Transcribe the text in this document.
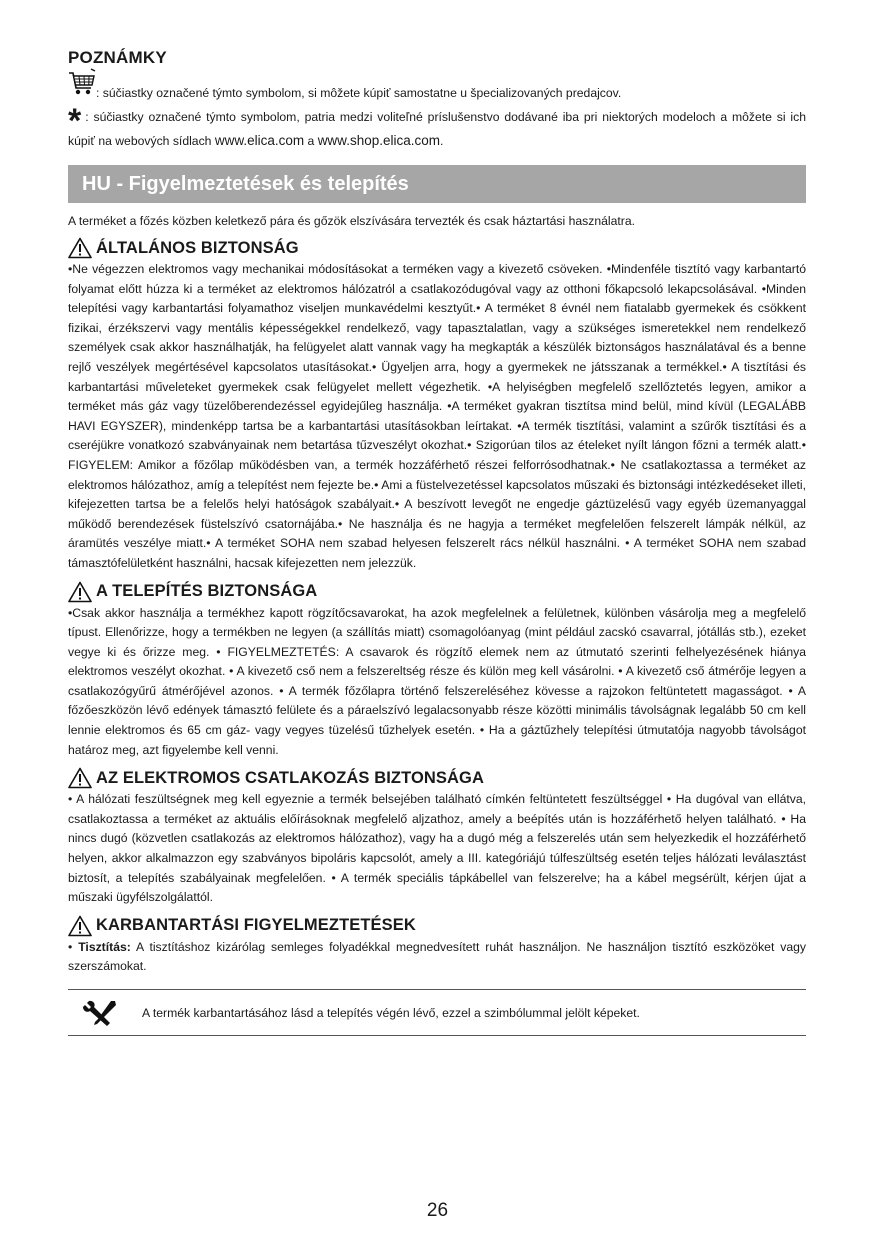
POZNÁMKY
: súčiastky označené týmto symbolom, si môžete kúpiť samostatne u špecializovaných predajcov.
* : súčiastky označené týmto symbolom, patria medzi voliteľné príslušenstvo dodávané iba pri niektorých modeloch a môžete si ich kúpiť na webových sídlach www.elica.com a www.shop.elica.com.
HU - Figyelmeztetések és telepítés
A terméket a főzés közben keletkező pára és gőzök elszívására tervezték és csak háztartási használatra.
ÁLTALÁNOS BIZTONSÁG
•Ne végezzen elektromos vagy mechanikai módosításokat a terméken vagy a kivezető csöveken. •Mindenféle tisztító vagy karbantartó folyamat előtt húzza ki a terméket az elektromos hálózatról a csatlakozódugóval vagy az otthoni főkapcsoló lekapcsolásával. •Minden telepítési vagy karbantartási folyamathoz viseljen munkavédelmi kesztyűt.• A terméket 8 évnél nem fiatalabb gyermekek és csökkent fizikai, érzékszervi vagy mentális képességekkel rendelkező, vagy tapasztalatlan, vagy a szükséges ismeretekkel nem rendelkező személyek csak akkor használhatják, ha felügyelet alatt vannak vagy ha megkapták a készülék biztonságos használatával és a benne rejlő veszélyek megértésével kapcsolatos utasításokat.• Ügyeljen arra, hogy a gyermekek ne játsszanak a termékkel.• A tisztítási és karbantartási műveleteket gyermekek csak felügyelet mellett végezhetik. •A helyiségben megfelelő szellőztetés legyen, amikor a terméket más gáz vagy tüzelőberendezéssel egyidejűleg használja. •A terméket gyakran tisztítsa mind belül, mind kívül (LEGALÁBB HAVI EGYSZER), mindenképp tartsa be a karbantartási utasításokban leírtakat. •A termék tisztítási, valamint a szűrők tisztítási és a cseréjükre vonatkozó szabványainak nem betartása tűzveszélyt okozhat.• Szigorúan tilos az ételeket nyílt lángon főzni a termék alatt.• FIGYELEM: Amikor a főzőlap működésben van, a termék hozzáférhető részei felforrósodhatnak.• Ne csatlakoztassa a terméket az elektromos hálózathoz, amíg a telepítést nem fejezte be.• Ami a füstelvezetéssel kapcsolatos műszaki és biztonsági intézkedéseket illeti, kifejezetten tartsa be a felelős helyi hatóságok szabályait.• A beszívott levegőt ne engedje gáztüzelésű vagy egyéb üzemanyaggal működő berendezések füstelszívó csatornájába.• Ne használja és ne hagyja a terméket megfelelően felszerelt lámpák nélkül, az áramütés veszélye miatt.• A terméket SOHA nem szabad helyesen felszerelt rács nélkül használni. • A terméket SOHA nem szabad támasztófelületként használni, hacsak kifejezetten nem jelezzük.
A TELEPÍTÉS BIZTONSÁGA
•Csak akkor használja a termékhez kapott rögzítőcsavarokat, ha azok megfelelnek a felületnek, különben vásárolja meg a megfelelő típust. Ellenőrizze, hogy a termékben ne legyen (a szállítás miatt) csomagolóanyag (mint például zacskó csavarral, jótállás stb.), ezeket vegye ki és őrizze meg. • FIGYELMEZTETÉS: A csavarok és rögzítő elemek nem az útmutató szerinti felhelyezésének hiánya elektromos veszélyt okozhat. • A kivezető cső nem a felszereltség része és külön meg kell vásárolni. • A kivezető cső átmérője legyen a csatlakozógyűrű átmérőjével azonos. • A termék főzőlapra történő felszereléséhez kövesse a rajzokon feltüntetett magasságot. • A főzőeszközön lévő edények támasztó felülete és a páraelszívó legalacsonyabb része közötti minimális távolságnak legalább 50 cm kell lennie elektromos és 65 cm gáz- vagy vegyes tüzelésű tűzhelyek esetén. • Ha a gáztűzhely telepítési útmutatója nagyobb távolságot határoz meg, azt figyelembe kell venni.
AZ ELEKTROMOS CSATLAKOZÁS BIZTONSÁGA
• A hálózati feszültségnek meg kell egyeznie a termék belsejében található címkén feltüntetett feszültséggel • Ha dugóval van ellátva, csatlakoztassa a terméket az aktuális előírásoknak megfelelő aljzathoz, amely a beépítés után is hozzáférhető helyen található. • Ha nincs dugó (közvetlen csatlakozás az elektromos hálózathoz), vagy ha a dugó még a felszerelés után sem helyezkedik el hozzáférhető helyen, akkor alkalmazzon egy szabványos bipoláris kapcsolót, amely a III. kategóriájú túlfeszültség esetén teljes hálózati leválasztást biztosít, a telepítés szabályainak megfelelően. • A termék speciális tápkábellel van felszerelve; ha a kábel megsérült, kérjen újat a műszaki ügyfélszolgálattól.
KARBANTARTÁSI FIGYELMEZTETÉSEK
• Tisztítás: A tisztításhoz kizárólag semleges folyadékkal megnedvesített ruhát használjon. Ne használjon tisztító eszközöket vagy szerszámokat.
A termék karbantartásához lásd a telepítés végén lévő, ezzel a szimbólummal jelölt képeket.
26
